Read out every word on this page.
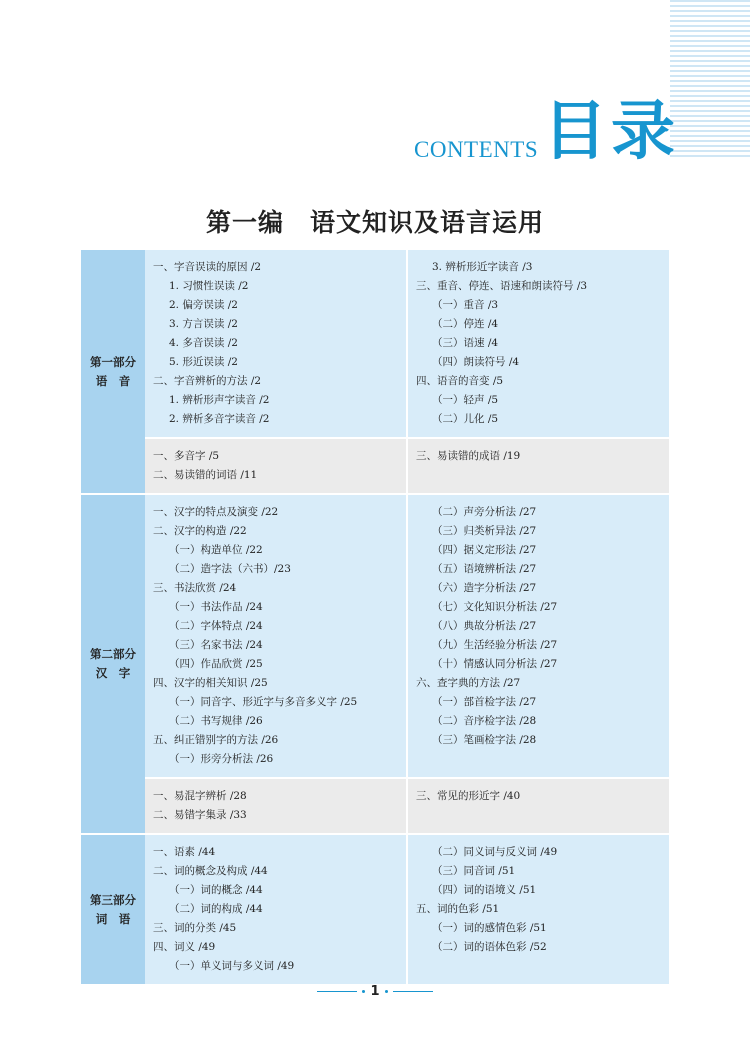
CONTENTS 目录
第一编　语文知识及语言运用
第一部分
语　音
一、字音误读的原因 /2
1. 习惯性误读 /2
2. 偏旁误读 /2
3. 方言误读 /2
4. 多音误读 /2
5. 形近误读 /2
二、字音辨析的方法 /2
1. 辨析形声字读音 /2
2. 辨析多音字读音 /2
3. 辨析形近字读音 /3
三、重音、停连、语速和朗读符号 /3
（一）重音 /3
（二）停连 /4
（三）语速 /4
（四）朗读符号 /4
四、语音的音变 /5
（一）轻声 /5
（二）儿化 /5
一、多音字 /5
二、易读错的词语 /11
三、易读错的成语 /19
第二部分
汉　字
一、汉字的特点及演变 /22
二、汉字的构造 /22
（一）构造单位 /22
（二）造字法（六书）/23
三、书法欣赏 /24
（一）书法作品 /24
（二）字体特点 /24
（三）名家书法 /24
（四）作品欣赏 /25
四、汉字的相关知识 /25
（一）同音字、形近字与多音多义字 /25
（二）书写规律 /26
五、纠正错别字的方法 /26
（一）形旁分析法 /26
（二）声旁分析法 /27
（三）归类析异法 /27
（四）据义定形法 /27
（五）语境辨析法 /27
（六）造字分析法 /27
（七）文化知识分析法 /27
（八）典故分析法 /27
（九）生活经验分析法 /27
（十）情感认同分析法 /27
六、查字典的方法 /27
（一）部首检字法 /27
（二）音序检字法 /28
（三）笔画检字法 /28
一、易混字辨析 /28
二、易错字集录 /33
三、常见的形近字 /40
第三部分
词　语
一、语素 /44
二、词的概念及构成 /44
（一）词的概念 /44
（二）词的构成 /44
三、词的分类 /45
四、词义 /49
（一）单义词与多义词 /49
（二）同义词与反义词 /49
（三）同音词 /51
（四）词的语境义 /51
五、词的色彩 /51
（一）词的感情色彩 /51
（二）词的语体色彩 /52
1
